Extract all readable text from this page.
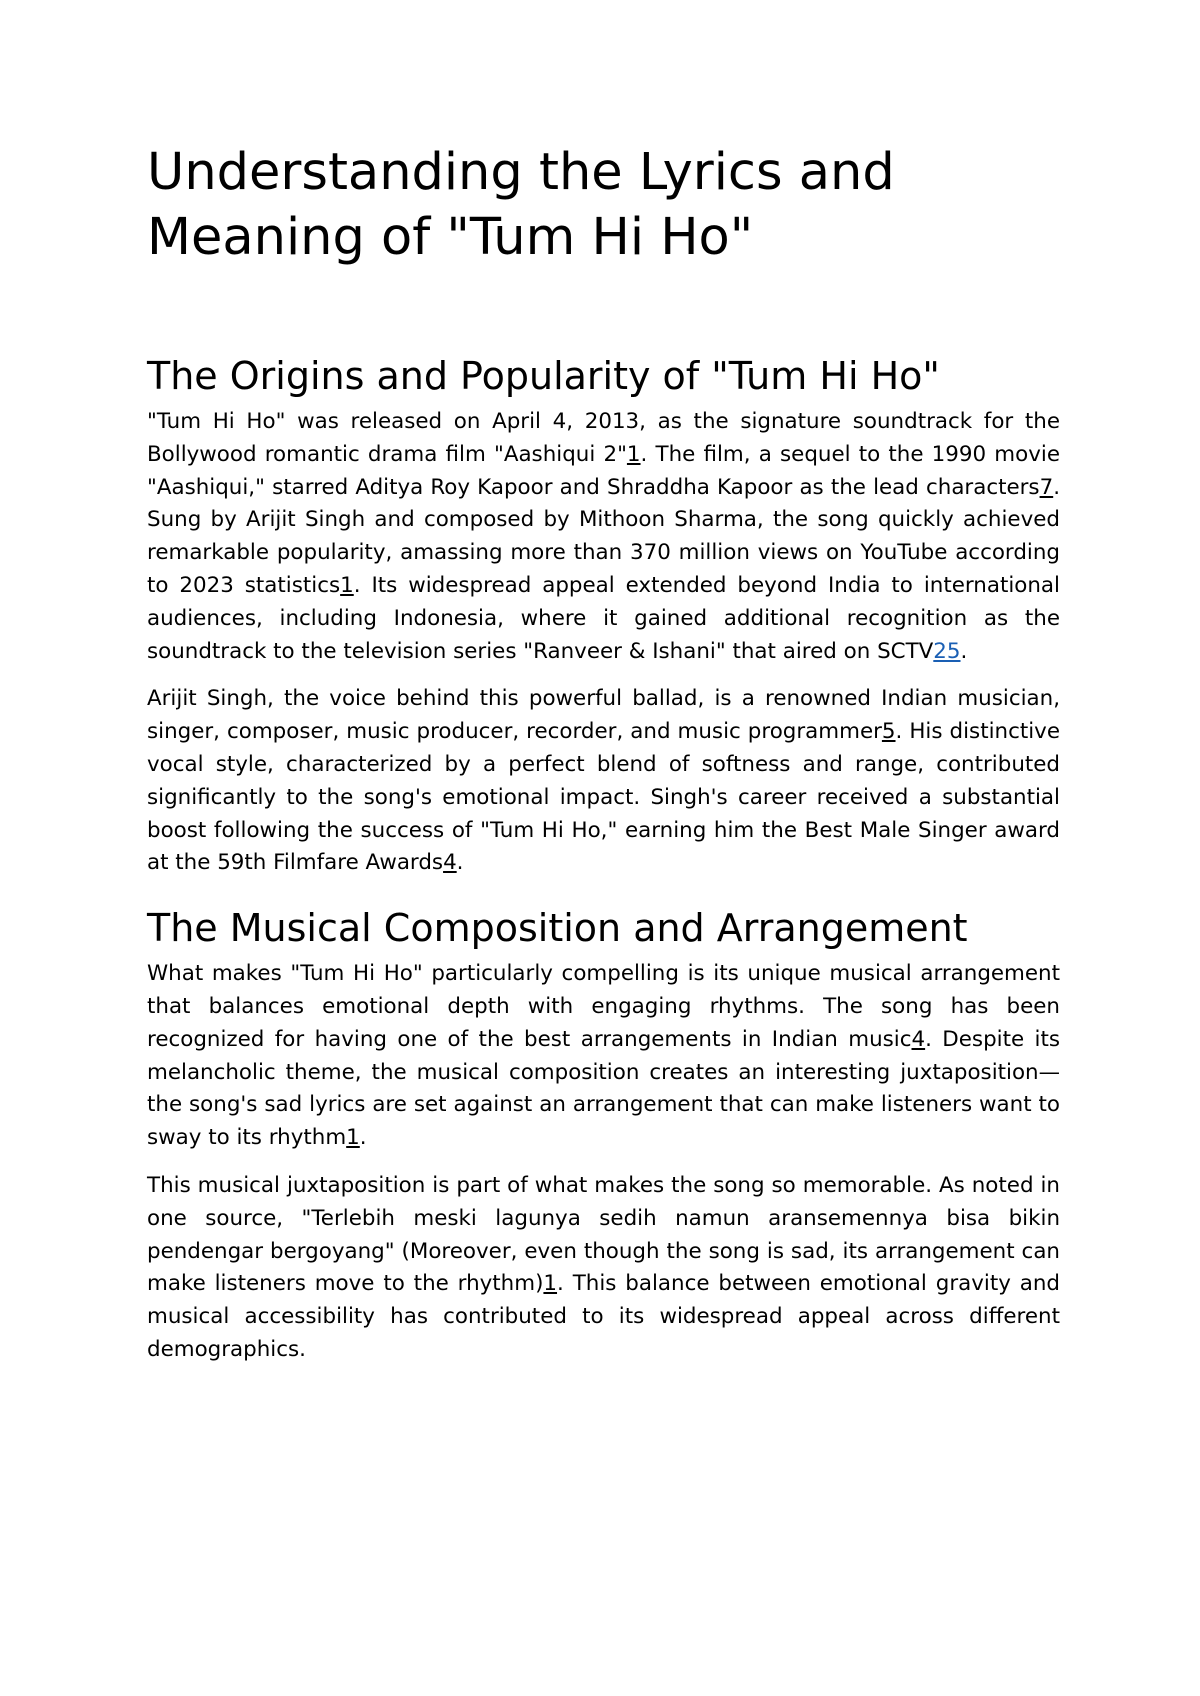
Understanding the Lyrics and Meaning of "Tum Hi Ho"
The Origins and Popularity of "Tum Hi Ho"

"Tum Hi Ho" was released on April 4, 2013, as the signature soundtrack for the Bollywood romantic drama film "Aashiqui 2"1. The film, a sequel to the 1990 movie "Aashiqui," starred Aditya Roy Kapoor and Shraddha Kapoor as the lead characters7. Sung by Arijit Singh and composed by Mithoon Sharma, the song quickly achieved remarkable popularity, amassing more than 370 million views on YouTube according to 2023 statistics1. Its widespread appeal extended beyond India to international audiences, including Indonesia, where it gained additional recognition as the soundtrack to the television series "Ranveer & Ishani" that aired on SCTV25.

Arijit Singh, the voice behind this powerful ballad, is a renowned Indian musician, singer, composer, music producer, recorder, and music programmer5. His distinctive vocal style, characterized by a perfect blend of softness and range, contributed significantly to the song's emotional impact. Singh's career received a substantial boost following the success of "Tum Hi Ho," earning him the Best Male Singer award at the 59th Filmfare Awards4.

The Musical Composition and Arrangement

What makes "Tum Hi Ho" particularly compelling is its unique musical arrangement that balances emotional depth with engaging rhythms. The song has been recognized for having one of the best arrangements in Indian music4. Despite its melancholic theme, the musical composition creates an interesting juxtaposition—the song's sad lyrics are set against an arrangement that can make listeners want to sway to its rhythm1.

This musical juxtaposition is part of what makes the song so memorable. As noted in one source, "Terlebih meski lagunya sedih namun aransemennya bisa bikin pendengar bergoyang" (Moreover, even though the song is sad, its arrangement can make listeners move to the rhythm)1. This balance between emotional gravity and musical accessibility has contributed to its widespread appeal across different demographics.
